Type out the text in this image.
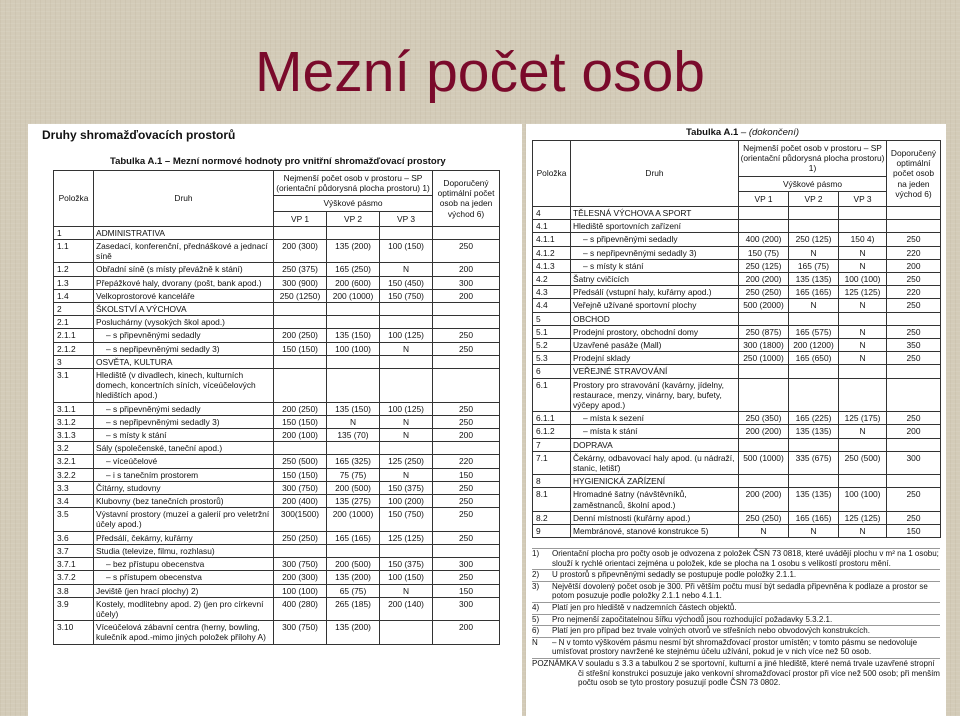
Mezní počet osob
Druhy shromažďovacích prostorů
Tabulka A.1 – Mezní normové hodnoty pro vnitřní shromažďovací prostory
Položka	Druh	Nejmenší počet osob v prostoru – SP (orientační půdorysná plocha prostoru) 1)			Doporučený optimální počet osob na jeden východ 6)
		Výškové pásmo			
		VP 1	VP 2	VP 3	
1	ADMINISTRATIVA				
1.1	Zasedací, konferenční, přednáškové a jednací síně	200 (300)	135 (200)	100 (150)	250
1.2	Obřadní síně (s místy převážně k stání)	250 (375)	165 (250)	N	200
1.3	Přepážkové haly, dvorany (pošt, bank apod.)	300 (900)	200 (600)	150 (450)	300
1.4	Velkoprostorové kanceláře	250 (1250)	200 (1000)	150 (750)	200
2	ŠKOLSTVÍ A VÝCHOVA				
2.1	Posluchárny (vysokých škol apod.)				
2.1.1	– s připevněnými sedadly	200 (250)	135 (150)	100 (125)	250
2.1.2	– s nepřipevněnými sedadly 3)	150 (150)	100 (100)	N	250
3	OSVĚTA, KULTURA				
3.1	Hlediště (v divadlech, kinech, kulturních domech, koncertních síních, víceúčelových hledištích apod.)				
3.1.1	– s připevněnými sedadly	200 (250)	135 (150)	100 (125)	250
3.1.2	– s nepřipevněnými sedadly 3)	150 (150)	N	N	250
3.1.3	– s místy k stání	200 (100)	135 (70)	N	200
3.2	Sály (společenské, taneční apod.)				
3.2.1	– víceúčelové	250 (500)	165 (325)	125 (250)	220
3.2.2	– i s tanečním prostorem	150 (150)	75 (75)	N	150
3.3	Čítárny, studovny	300 (750)	200 (500)	150 (375)	250
3.4	Klubovny (bez tanečních prostorů)	200 (400)	135 (275)	100 (200)	250
3.5	Výstavní prostory (muzeí a galerií pro veletržní účely apod.)	300(1500)	200 (1000)	150 (750)	250
3.6	Předsálí, čekárny, kuřárny	250 (250)	165 (165)	125 (125)	250
3.7	Studia (televize, filmu, rozhlasu)				
3.7.1	– bez přístupu obecenstva	300 (750)	200 (500)	150 (375)	300
3.7.2	– s přístupem obecenstva	200 (300)	135 (200)	100 (150)	250
3.8	Jeviště (jen hrací plochy) 2)	100 (100)	65 (75)	N	150
3.9	Kostely, modlitebny apod. 2) (jen pro církevní účely)	400 (280)	265 (185)	200 (140)	300
3.10	Víceúčelová zábavní centra (herny, bowling, kulečník apod.-mimo jiných položek přílohy A)	300 (750)	135 (200)		200
Tabulka A.1 – (dokončení)
Položka	Druh	Nejmenší počet osob v prostoru – SP (orientační půdorysná plocha prostoru) 1)			Doporučený optimální počet osob na jeden východ 6)
		Výškové pásmo			
		VP 1	VP 2	VP 3	
4	TĚLESNÁ VÝCHOVA A SPORT				
4.1	Hlediště sportovních zařízení				
4.1.1	– s připevněnými sedadly	400 (200)	250 (125)	150 4)	250
4.1.2	– s nepřipevněnými sedadly 3)	150 (75)	N	N	220
4.1.3	– s místy k stání	250 (125)	165 (75)	N	200
4.2	Šatny cvičících	200 (200)	135 (135)	100 (100)	250
4.3	Předsálí (vstupní haly, kuřárny apod.)	250 (250)	165 (165)	125 (125)	220
4.4	Veřejně užívané sportovní plochy	500 (2000)	N	N	250
5	OBCHOD				
5.1	Prodejní prostory, obchodní domy	250 (875)	165 (575)	N	250
5.2	Uzavřené pasáže (Mall)	300 (1800)	200 (1200)	N	350
5.3	Prodejní sklady	250 (1000)	165 (650)	N	250
6	VEŘEJNÉ STRAVOVÁNÍ				
6.1	Prostory pro stravování (kavárny, jídelny, restaurace, menzy, vinárny, bary, bufety, výčepy apod.)				
6.1.1	– místa k sezení	250 (350)	165 (225)	125 (175)	250
6.1.2	– místa k stání	200 (200)	135 (135)	N	200
7	DOPRAVA				
7.1	Čekárny, odbavovací haly apod. (u nádraží, stanic, letišť)	500 (1000)	335 (675)	250 (500)	300
8	HYGIENICKÁ ZAŘÍZENÍ				
8.1	Hromadné šatny (návštěvníků, zaměstnanců, školní apod.)	200 (200)	135 (135)	100 (100)	250
8.2	Denní místnosti (kuřárny apod.)	250 (250)	165 (165)	125 (125)	250
9	Membránové, stanové konstrukce 5)	N	N	N	150
1)	Orientační plocha pro počty osob je odvozena z položek ČSN 73 0818, které uvádějí plochu v m² na 1 osobu; slouží k rychlé orientaci zejména u položek, kde se plocha na 1 osobu s velikostí prostoru mění.
2)	U prostorů s připevněnými sedadly se postupuje podle položky 2.1.1.
3)	Největší dovolený počet osob je 300. Při větším počtu musí být sedadla připevněna k podlaze a prostor se potom posuzuje podle položky 2.1.1 nebo 4.1.1.
4)	Platí jen pro hlediště v nadzemních částech objektů.
5)	Pro nejmenší započitatelnou šířku východů jsou rozhodující požadavky 5.3.2.1.
6)	Platí jen pro případ bez trvale volných otvorů ve střešních nebo obvodových konstrukcích.
N	– N v tomto výškovém pásmu nesmí být shromažďovací prostor umístěn; v tomto pásmu se nedovoluje umísťovat prostory navržené ke stejnému účelu užívání, pokud je v nich více než 50 osob.
POZNÁMKA V souladu s 3.3 a tabulkou 2 se sportovní, kulturní a jiné hlediště, které nemá trvale uzavřené stropní či střešní konstrukci posuzuje jako venkovní shromažďovací prostor při více než 500 osob; při menším počtu osob se tyto prostory posuzují podle ČSN 73 0802.
